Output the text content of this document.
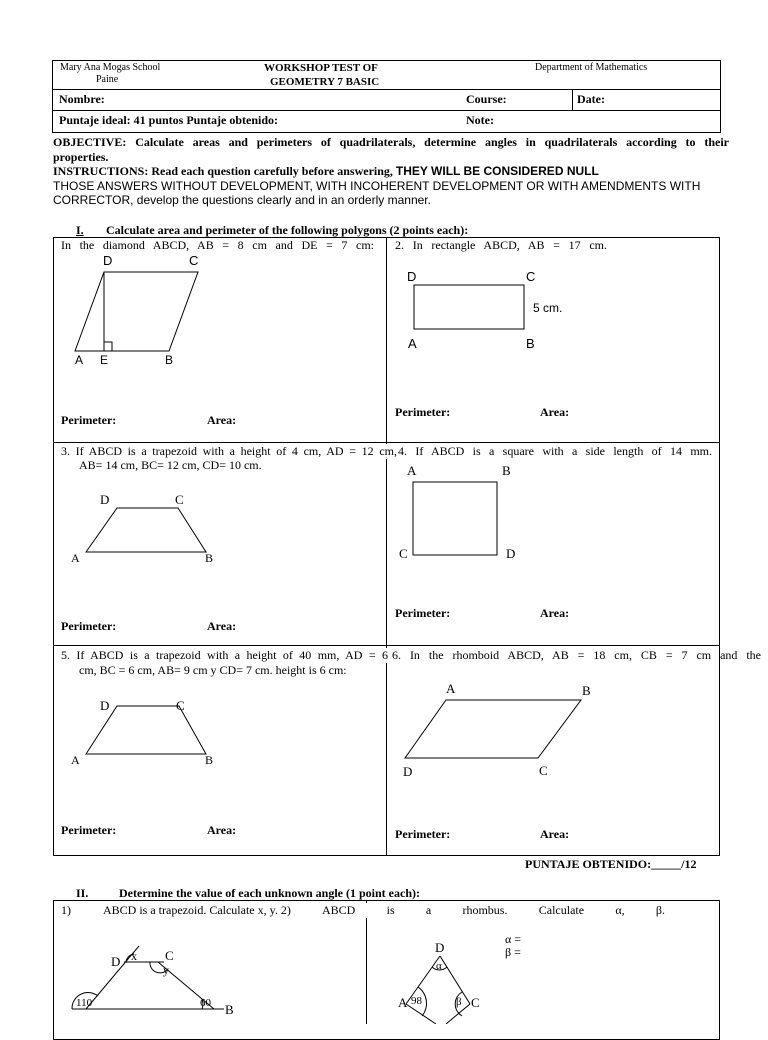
Mary Ana Mogas School
Paine
WORKSHOP TEST OF
GEOMETRY 7 BASIC
Department of Mathematics
Nombre:	Course:	Date:
Puntaje ideal: 41 puntos Puntaje obtenido:	Note:
OBJECTIVE: Calculate areas and perimeters of quadrilaterals, determine angles in quadrilaterals according to their
properties.
INSTRUCTIONS: Read each question carefully before answering, THEY WILL BE CONSIDERED NULL
THOSE ANSWERS WITHOUT DEVELOPMENT, WITH INCOHERENT DEVELOPMENT OR WITH AMENDMENTS WITH
CORRECTOR, develop the questions clearly and in an orderly manner.
I. Calculate area and perimeter of the following polygons (2 points each):
In the diamond ABCD, AB = 8 cm and DE = 7 cm:
D	C
A E	B
Perimeter:	Area:
2. In rectangle ABCD, AB = 17 cm.
D	C
A	B
5 cm.
Perimeter:	Area:
3. If ABCD is a trapezoid with a height of 4 cm, AD = 12 cm,
AB= 14 cm, BC= 12 cm, CD= 10 cm.
D	C
A	B
Perimeter:	Area:
4. If ABCD is a square with a side length of 14 mm.
A	B
C	D
Perimeter:	Area:
5. If ABCD is a trapezoid with a height of 40 mm, AD = 6
cm, BC = 6 cm, AB= 9 cm y CD= 7 cm. height is 6 cm:
D	C
A	B
Perimeter:	Area:
6. In the rhomboid ABCD, AB = 18 cm, CB = 7 cm and the
A	B
D	C
Perimeter:	Area:
PUNTAJE OBTENIDO:_____/12
II.	Determine the value of each unknown angle (1 point each):
1)	ABCD is a trapezoid. Calculate x, y. 2)	ABCD is a rhombus. Calculate α, β.
D x C
y
110	60 B
D
α
A 98	β C
α =
β =
